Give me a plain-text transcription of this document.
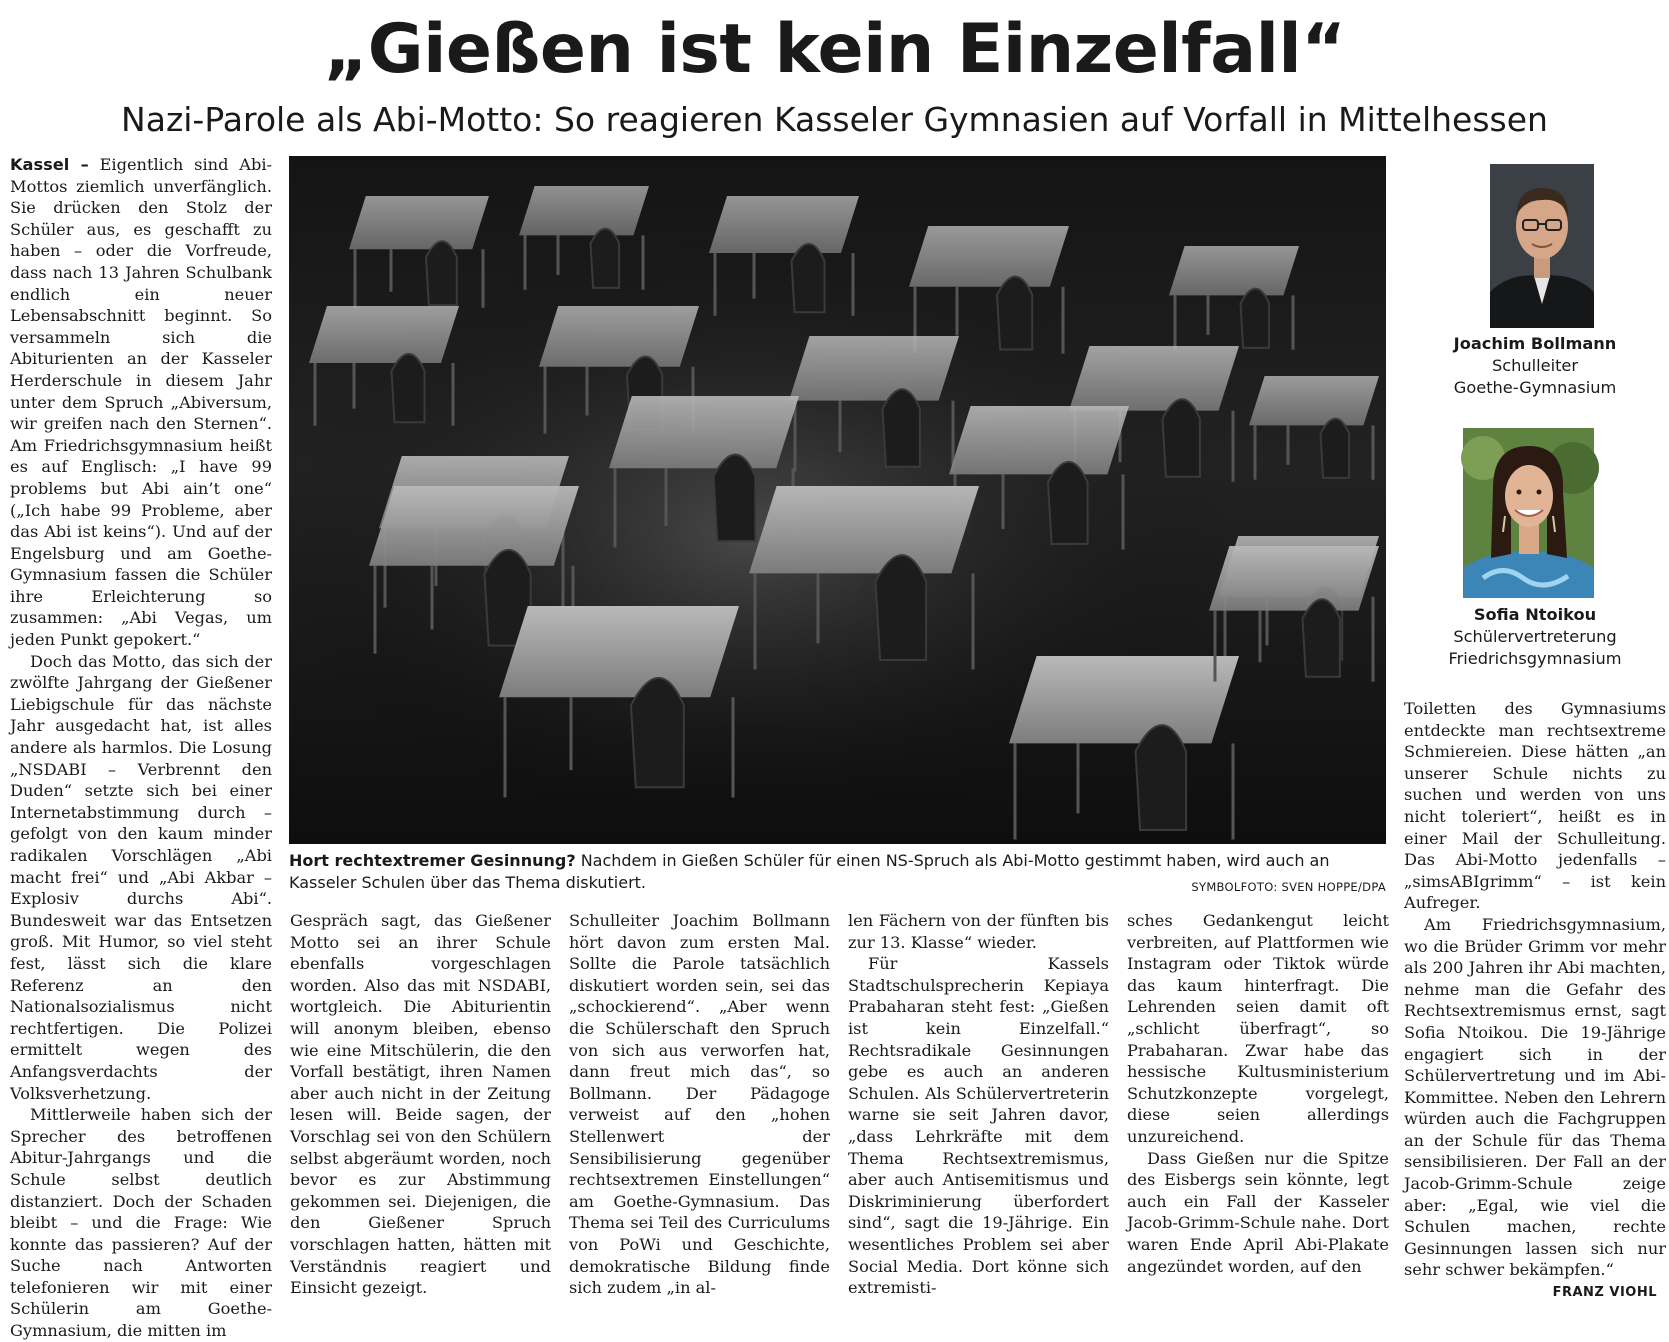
„Gießen ist kein Einzelfall“
Nazi-Parole als Abi-Motto: So reagieren Kasseler Gymnasien auf Vorfall in Mittelhessen

Kassel – Eigentlich sind Abi-Mottos ziemlich unverfänglich. Sie drücken den Stolz der Schüler aus, es geschafft zu haben – oder die Vorfreude, dass nach 13 Jahren Schulbank endlich ein neuer Lebensabschnitt beginnt. So versammeln sich die Abiturienten an der Kasseler Herderschule in diesem Jahr unter dem Spruch „Abiversum, wir greifen nach den Sternen“. Am Friedrichsgymnasium heißt es auf Englisch: „I have 99 problems but Abi ain’t one“ („Ich habe 99 Probleme, aber das Abi ist keins“). Und auf der Engelsburg und am Goethe-Gymnasium fassen die Schüler ihre Erleichterung so zusammen: „Abi Vegas, um jeden Punkt gepokert.“

Doch das Motto, das sich der zwölfte Jahrgang der Gießener Liebigschule für das nächste Jahr ausgedacht hat, ist alles andere als harmlos. Die Losung „NSDABI – Verbrennt den Duden“ setzte sich bei einer Internetabstimmung durch – gefolgt von den kaum minder radikalen Vorschlägen „Abi macht frei“ und „Abi Akbar – Explosiv durchs Abi“. Bundesweit war das Entsetzen groß. Mit Humor, so viel steht fest, lässt sich die klare Referenz an den Nationalsozialismus nicht rechtfertigen. Die Polizei ermittelt wegen des Anfangsverdachts der Volksverhetzung.

Mittlerweile haben sich der Sprecher des betroffenen Abitur-Jahrgangs und die Schule selbst deutlich distanziert. Doch der Schaden bleibt – und die Frage: Wie konnte das passieren? Auf der Suche nach Antworten telefonieren wir mit einer Schülerin am Goethe-Gymnasium, die mitten im

Hort rechtextremer Gesinnung? Nachdem in Gießen Schüler für einen NS-Spruch als Abi-Motto gestimmt haben, wird auch an Kasseler Schulen über das Thema diskutiert.	SYMBOLFOTO: SVEN HOPPE/DPA
Joachim Bollmann
Schulleiter
Goethe-Gymnasium
Sofia Ntoikou
Schülervertreterung
Friedrichsgymnasium

Gespräch sagt, das Gießener Motto sei an ihrer Schule ebenfalls vorgeschlagen worden. Also das mit NSDABI, wortgleich. Die Abiturientin will anonym bleiben, ebenso wie eine Mitschülerin, die den Vorfall bestätigt, ihren Namen aber auch nicht in der Zeitung lesen will. Beide sagen, der Vorschlag sei von den Schülern selbst abgeräumt worden, noch bevor es zur Abstimmung gekommen sei. Diejenigen, die den Gießener Spruch vorschlagen hatten, hätten mit Verständnis reagiert und Einsicht gezeigt.

Schulleiter Joachim Bollmann hört davon zum ersten Mal. Sollte die Parole tatsächlich diskutiert worden sein, sei das „schockierend“. „Aber wenn die Schülerschaft den Spruch von sich aus verworfen hat, dann freut mich das“, so Bollmann. Der Pädagoge verweist auf den „hohen Stellenwert der Sensibilisierung gegenüber rechtsextremen Einstellungen“ am Goethe-Gymnasium. Das Thema sei Teil des Curriculums von PoWi und Geschichte, demokratische Bildung finde sich zudem „in al-

len Fächern von der fünften bis zur 13. Klasse“ wieder.

Für Kassels Stadtschulsprecherin Kepiaya Prabaharan steht fest: „Gießen ist kein Einzelfall.“ Rechtsradikale Gesinnungen gebe es auch an anderen Schulen. Als Schülervertreterin warne sie seit Jahren davor, „dass Lehrkräfte mit dem Thema Rechtsextremismus, aber auch Antisemitismus und Diskriminierung überfordert sind“, sagt die 19-Jährige. Ein wesentliches Problem sei aber Social Media. Dort könne sich extremisti-

sches Gedankengut leicht verbreiten, auf Plattformen wie Instagram oder Tiktok würde das kaum hinterfragt. Die Lehrenden seien damit oft „schlicht überfragt“, so Prabaharan. Zwar habe das hessische Kultusministerium Schutzkonzepte vorgelegt, diese seien allerdings unzureichend.

Dass Gießen nur die Spitze des Eisbergs sein könnte, legt auch ein Fall der Kasseler Jacob-Grimm-Schule nahe. Dort waren Ende April Abi-Plakate angezündet worden, auf den

Toiletten des Gymnasiums entdeckte man rechtsextreme Schmiereien. Diese hätten „an unserer Schule nichts zu suchen und werden von uns nicht toleriert“, heißt es in einer Mail der Schulleitung. Das Abi-Motto jedenfalls – „simsABIgrimm“ – ist kein Aufreger.

Am Friedrichsgymnasium, wo die Brüder Grimm vor mehr als 200 Jahren ihr Abi machten, nehme man die Gefahr des Rechtsextremismus ernst, sagt Sofia Ntoikou. Die 19-Jährige engagiert sich in der Schülervertretung und im Abi-Kommittee. Neben den Lehrern würden auch die Fachgruppen an der Schule für das Thema sensibilisieren. Der Fall an der Jacob-Grimm-Schule zeige aber: „Egal, wie viel die Schulen machen, rechte Gesinnungen lassen sich nur sehr schwer bekämpfen.“

FRANZ VIOHL
